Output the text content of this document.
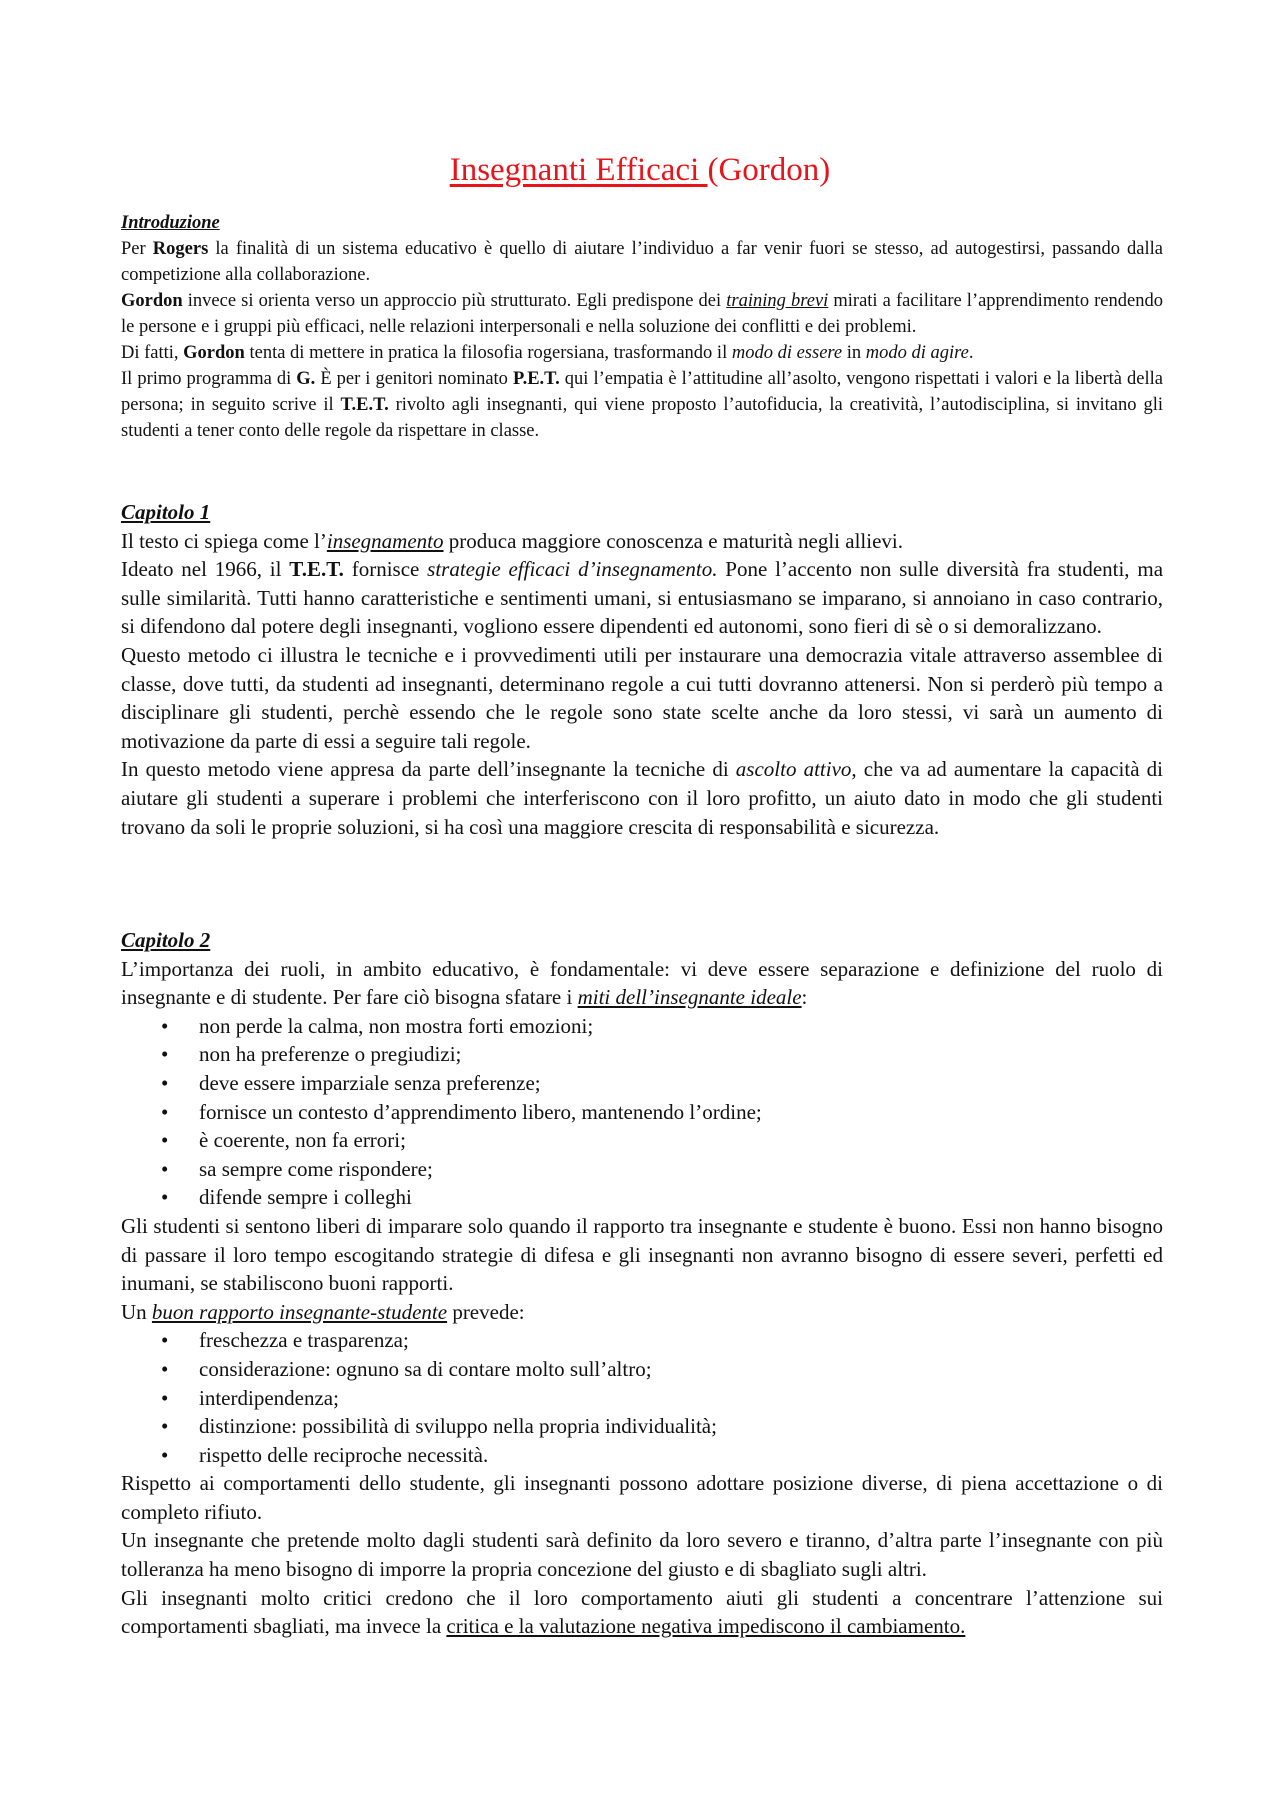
Insegnanti Efficaci (Gordon)
Introduzione

Per Rogers la finalità di un sistema educativo è quello di aiutare l’individuo a far venir fuori se stesso, ad autogestirsi, passando dalla competizione alla collaborazione.

Gordon invece si orienta verso un approccio più strutturato. Egli predispone dei training brevi mirati a facilitare l’apprendimento rendendo le persone e i gruppi più efficaci, nelle relazioni interpersonali e nella soluzione dei conflitti e dei problemi.

Di fatti, Gordon tenta di mettere in pratica la filosofia rogersiana, trasformando il modo di essere in modo di agire.

Il primo programma di G. È per i genitori nominato P.E.T. qui l’empatia è l’attitudine all’asolto, vengono rispettati i valori e la libertà della persona; in seguito scrive il T.E.T. rivolto agli insegnanti, qui viene proposto l’autofiducia, la creatività, l’autodisciplina, si invitano gli studenti a tener conto delle regole da rispettare in classe.

Capitolo 1

Il testo ci spiega come l’insegnamento produca maggiore conoscenza e maturità negli allievi.

Ideato nel 1966, il T.E.T. fornisce strategie efficaci d’insegnamento. Pone l’accento non sulle diversità fra studenti, ma sulle similarità. Tutti hanno caratteristiche e sentimenti umani, si entusiasmano se imparano, si annoiano in caso contrario, si difendono dal potere degli insegnanti, vogliono essere dipendenti ed autonomi, sono fieri di sè o si demoralizzano.

Questo metodo ci illustra le tecniche e i provvedimenti utili per instaurare una democrazia vitale attraverso assemblee di classe, dove tutti, da studenti ad insegnanti, determinano regole a cui tutti dovranno attenersi. Non si perderò più tempo a disciplinare gli studenti, perchè essendo che le regole sono state scelte anche da loro stessi, vi sarà un aumento di motivazione da parte di essi a seguire tali regole.

In questo metodo viene appresa da parte dell’insegnante la tecniche di ascolto attivo, che va ad aumentare la capacità di aiutare gli studenti a superare i problemi che interferiscono con il loro profitto, un aiuto dato in modo che gli studenti trovano da soli le proprie soluzioni, si ha così una maggiore crescita di responsabilità e sicurezza.

Capitolo 2

L’importanza dei ruoli, in ambito educativo, è fondamentale: vi deve essere separazione e definizione del ruolo di insegnante e di studente. Per fare ciò bisogna sfatare i miti dell’insegnante ideale:

• non perde la calma, non mostra forti emozioni;
• non ha preferenze o pregiudizi;
• deve essere imparziale senza preferenze;
• fornisce un contesto d’apprendimento libero, mantenendo l’ordine;
• è coerente, non fa errori;
• sa sempre come rispondere;
• difende sempre i colleghi

Gli studenti si sentono liberi di imparare solo quando il rapporto tra insegnante e studente è buono. Essi non hanno bisogno di passare il loro tempo escogitando strategie di difesa e gli insegnanti non avranno bisogno di essere severi, perfetti ed inumani, se stabiliscono buoni rapporti.

Un buon rapporto insegnante-studente prevede:

• freschezza e trasparenza;
• considerazione: ognuno sa di contare molto sull’altro;
• interdipendenza;
• distinzione: possibilità di sviluppo nella propria individualità;
• rispetto delle reciproche necessità.

Rispetto ai comportamenti dello studente, gli insegnanti possono adottare posizione diverse, di piena accettazione o di completo rifiuto.

Un insegnante che pretende molto dagli studenti sarà definito da loro severo e tiranno, d’altra parte l’insegnante con più tolleranza ha meno bisogno di imporre la propria concezione del giusto e di sbagliato sugli altri.

Gli insegnanti molto critici credono che il loro comportamento aiuti gli studenti a concentrare l’attenzione sui comportamenti sbagliati, ma invece la critica e la valutazione negativa impediscono il cambiamento.
